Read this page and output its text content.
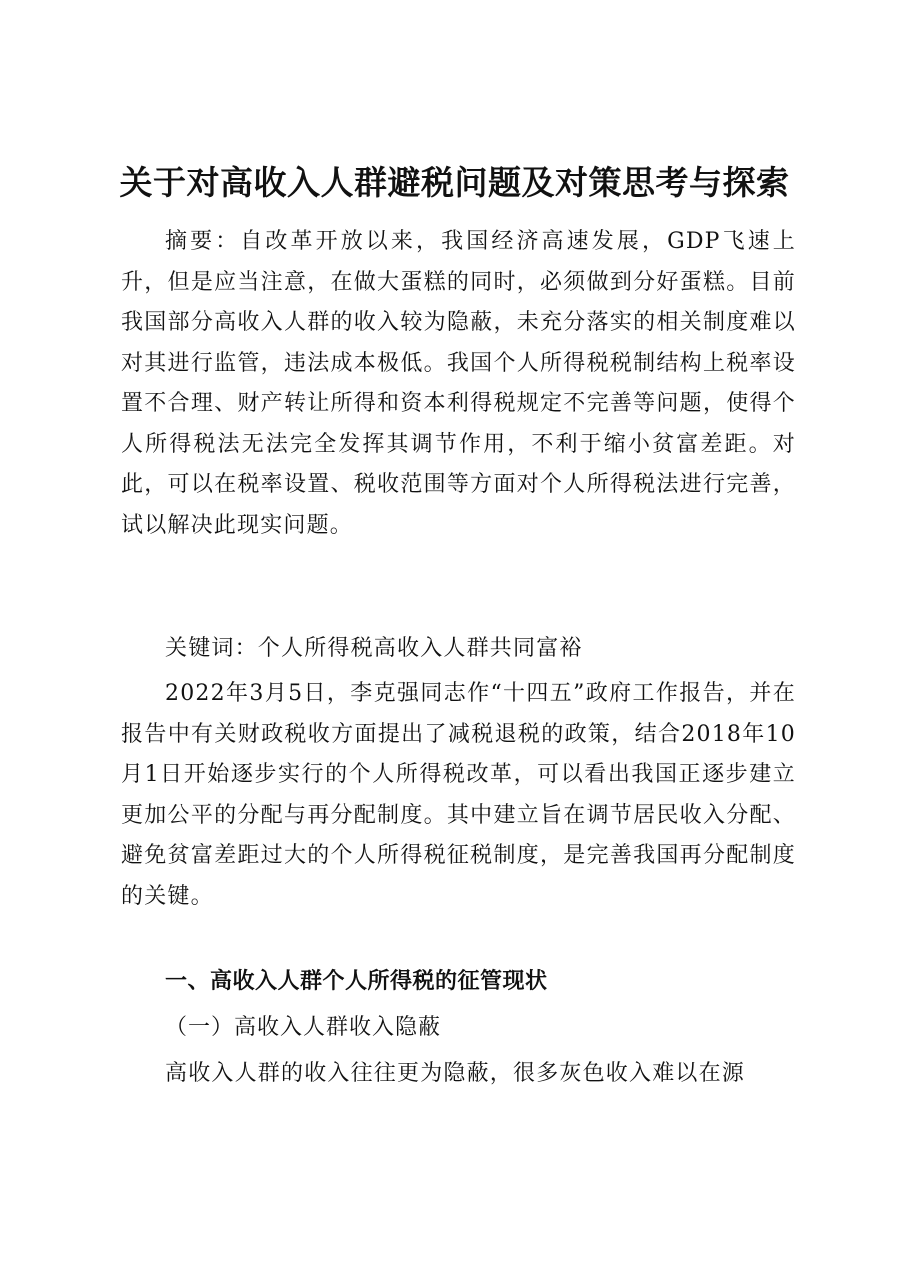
关于对高收入人群避税问题及对策思考与探索

摘要：自改革开放以来，我国经济高速发展，GDP飞速上升，但是应当注意，在做大蛋糕的同时，必须做到分好蛋糕。目前我国部分高收入人群的收入较为隐蔽，未充分落实的相关制度难以对其进行监管，违法成本极低。我国个人所得税税制结构上税率设置不合理、财产转让所得和资本利得税规定不完善等问题，使得个人所得税法无法完全发挥其调节作用，不利于缩小贫富差距。对此，可以在税率设置、税收范围等方面对个人所得税法进行完善，试以解决此现实问题。

关键词：个人所得税高收入人群共同富裕

2022年3月5日，李克强同志作“十四五”政府工作报告，并在报告中有关财政税收方面提出了减税退税的政策，结合2018年10月1日开始逐步实行的个人所得税改革，可以看出我国正逐步建立更加公平的分配与再分配制度。其中建立旨在调节居民收入分配、避免贫富差距过大的个人所得税征税制度，是完善我国再分配制度的关键。

一、高收入人群个人所得税的征管现状

（一）高收入人群收入隐蔽

高收入人群的收入往往更为隐蔽，很多灰色收入难以在源
